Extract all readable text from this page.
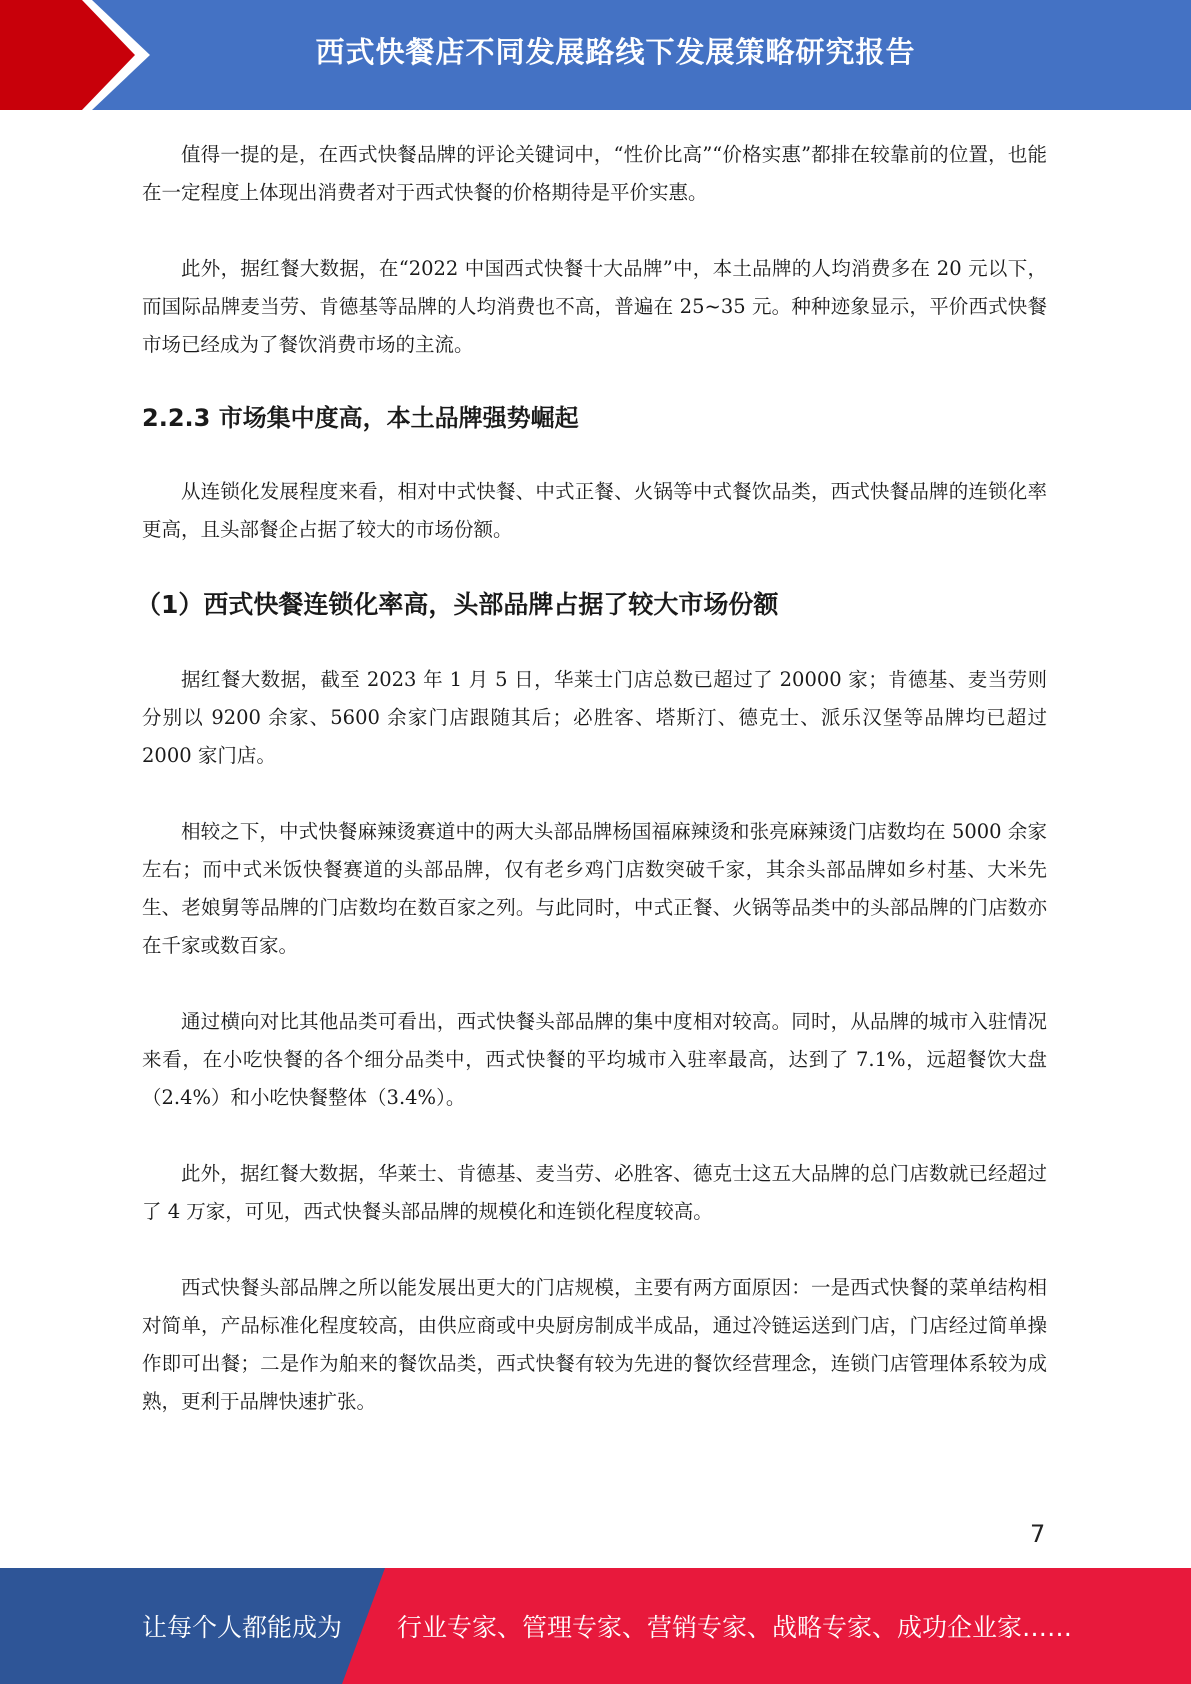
西式快餐店不同发展路线下发展策略研究报告

值得一提的是，在西式快餐品牌的评论关键词中，“性价比高”“价格实惠”都排在较靠前的位置，也能在一定程度上体现出消费者对于西式快餐的价格期待是平价实惠。

此外，据红餐大数据，在“2022 中国西式快餐十大品牌”中，本土品牌的人均消费多在 20 元以下，而国际品牌麦当劳、肯德基等品牌的人均消费也不高，普遍在 25~35 元。种种迹象显示，平价西式快餐市场已经成为了餐饮消费市场的主流。

2.2.3 市场集中度高，本土品牌强势崛起

从连锁化发展程度来看，相对中式快餐、中式正餐、火锅等中式餐饮品类，西式快餐品牌的连锁化率更高，且头部餐企占据了较大的市场份额。

（1）西式快餐连锁化率高，头部品牌占据了较大市场份额

据红餐大数据，截至 2023 年 1 月 5 日，华莱士门店总数已超过了 20000 家；肯德基、麦当劳则分别以 9200 余家、5600 余家门店跟随其后；必胜客、塔斯汀、德克士、派乐汉堡等品牌均已超过 2000 家门店。

相较之下，中式快餐麻辣烫赛道中的两大头部品牌杨国福麻辣烫和张亮麻辣烫门店数均在 5000 余家左右；而中式米饭快餐赛道的头部品牌，仅有老乡鸡门店数突破千家，其余头部品牌如乡村基、大米先生、老娘舅等品牌的门店数均在数百家之列。与此同时，中式正餐、火锅等品类中的头部品牌的门店数亦在千家或数百家。

通过横向对比其他品类可看出，西式快餐头部品牌的集中度相对较高。同时，从品牌的城市入驻情况来看，在小吃快餐的各个细分品类中，西式快餐的平均城市入驻率最高，达到了 7.1%，远超餐饮大盘（2.4%）和小吃快餐整体（3.4%）。

此外，据红餐大数据，华莱士、肯德基、麦当劳、必胜客、德克士这五大品牌的总门店数就已经超过了 4 万家，可见，西式快餐头部品牌的规模化和连锁化程度较高。

西式快餐头部品牌之所以能发展出更大的门店规模，主要有两方面原因：一是西式快餐的菜单结构相对简单，产品标准化程度较高，由供应商或中央厨房制成半成品，通过冷链运送到门店，门店经过简单操作即可出餐；二是作为舶来的餐饮品类，西式快餐有较为先进的餐饮经营理念，连锁门店管理体系较为成熟，更利于品牌快速扩张。

7
让每个人都能成为 行业专家、管理专家、营销专家、战略专家、成功企业家……
